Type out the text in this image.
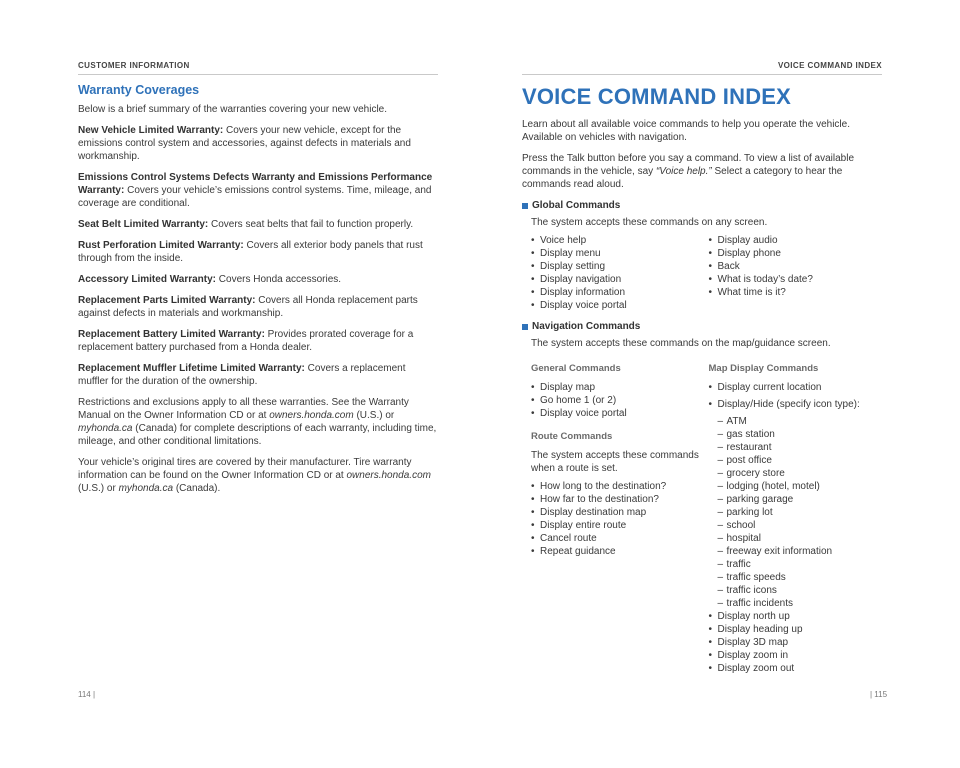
CUSTOMER INFORMATION
Warranty Coverages

Below is a brief summary of the warranties covering your new vehicle.

New Vehicle Limited Warranty: Covers your new vehicle, except for the emissions control system and accessories, against defects in materials and workmanship.

Emissions Control Systems Defects Warranty and Emissions Performance Warranty: Covers your vehicle’s emissions control systems. Time, mileage, and coverage are conditional.

Seat Belt Limited Warranty: Covers seat belts that fail to function properly.

Rust Perforation Limited Warranty: Covers all exterior body panels that rust through from the inside.

Accessory Limited Warranty: Covers Honda accessories.

Replacement Parts Limited Warranty: Covers all Honda replacement parts against defects in materials and workmanship.

Replacement Battery Limited Warranty: Provides prorated coverage for a replacement battery purchased from a Honda dealer.

Replacement Muffler Lifetime Limited Warranty: Covers a replacement muffler for the duration of the ownership.

Restrictions and exclusions apply to all these warranties. See the Warranty Manual on the Owner Information CD or at owners.honda.com (U.S.) or myhonda.ca (Canada) for complete descriptions of each warranty, including time, mileage, and other conditional limitations.

Your vehicle’s original tires are covered by their manufacturer. Tire warranty information can be found on the Owner Information CD or at owners.honda.com (U.S.) or myhonda.ca (Canada).

114 |
VOICE COMMAND INDEX
VOICE COMMAND INDEX

Learn about all available voice commands to help you operate the vehicle. Available on vehicles with navigation.

Press the Talk button before you say a command. To view a list of available commands in the vehicle, say “Voice help.” Select a category to hear the commands read aloud.

Global Commands

The system accepts these commands on any screen.

• Voice help
• Display menu
• Display setting
• Display navigation
• Display information
• Display voice portal
• Display audio
• Display phone
• Back
• What is today’s date?
• What time is it?
Navigation Commands

The system accepts these commands on the map/guidance screen.

General Commands
• Display map
• Go home 1 (or 2)
• Display voice portal
Route Commands

The system accepts these commands when a route is set.

• How long to the destination?
• How far to the destination?
• Display destination map
• Display entire route
• Cancel route
• Repeat guidance
Map Display Commands
• Display current location
• Display/Hide (specify icon type):
– ATM
– gas station
– restaurant
– post office
– grocery store
– lodging (hotel, motel)
– parking garage
– parking lot
– school
– hospital
– freeway exit information
– traffic
– traffic speeds
– traffic icons
– traffic incidents
• Display north up
• Display heading up
• Display 3D map
• Display zoom in
• Display zoom out
| 115
